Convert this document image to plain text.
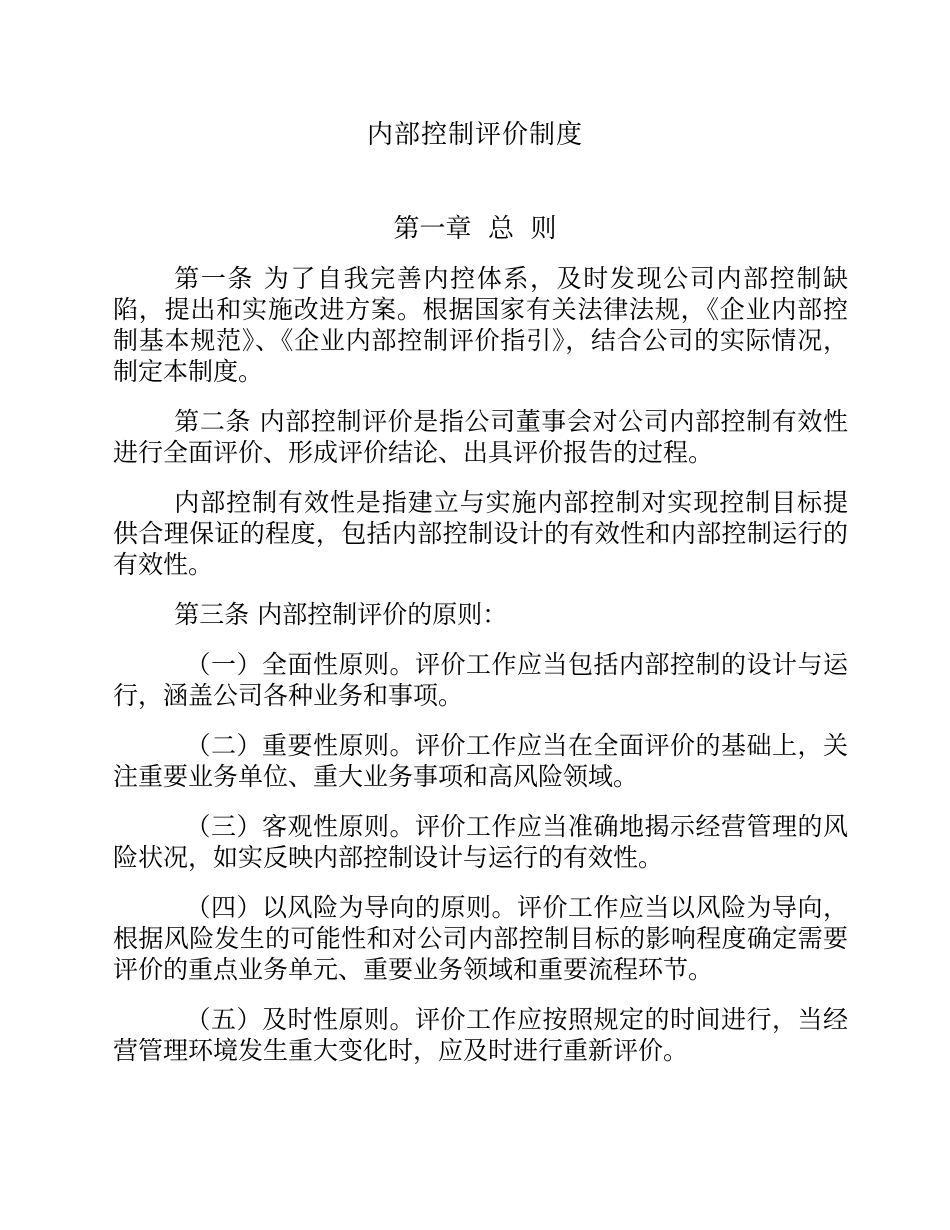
内部控制评价制度
第一章  总  则

第一条 为了自我完善内控体系，及时发现公司内部控制缺陷，提出和实施改进方案。根据国家有关法律法规，《企业内部控制基本规范》、《企业内部控制评价指引》，结合公司的实际情况，制定本制度。

第二条 内部控制评价是指公司董事会对公司内部控制有效性进行全面评价、形成评价结论、出具评价报告的过程。

内部控制有效性是指建立与实施内部控制对实现控制目标提供合理保证的程度，包括内部控制设计的有效性和内部控制运行的有效性。

第三条 内部控制评价的原则：

（一）全面性原则。评价工作应当包括内部控制的设计与运行，涵盖公司各种业务和事项。

（二）重要性原则。评价工作应当在全面评价的基础上，关注重要业务单位、重大业务事项和高风险领域。

（三）客观性原则。评价工作应当准确地揭示经营管理的风险状况，如实反映内部控制设计与运行的有效性。

（四）以风险为导向的原则。评价工作应当以风险为导向，根据风险发生的可能性和对公司内部控制目标的影响程度确定需要评价的重点业务单元、重要业务领域和重要流程环节。

（五）及时性原则。评价工作应按照规定的时间进行，当经营管理环境发生重大变化时，应及时进行重新评价。
